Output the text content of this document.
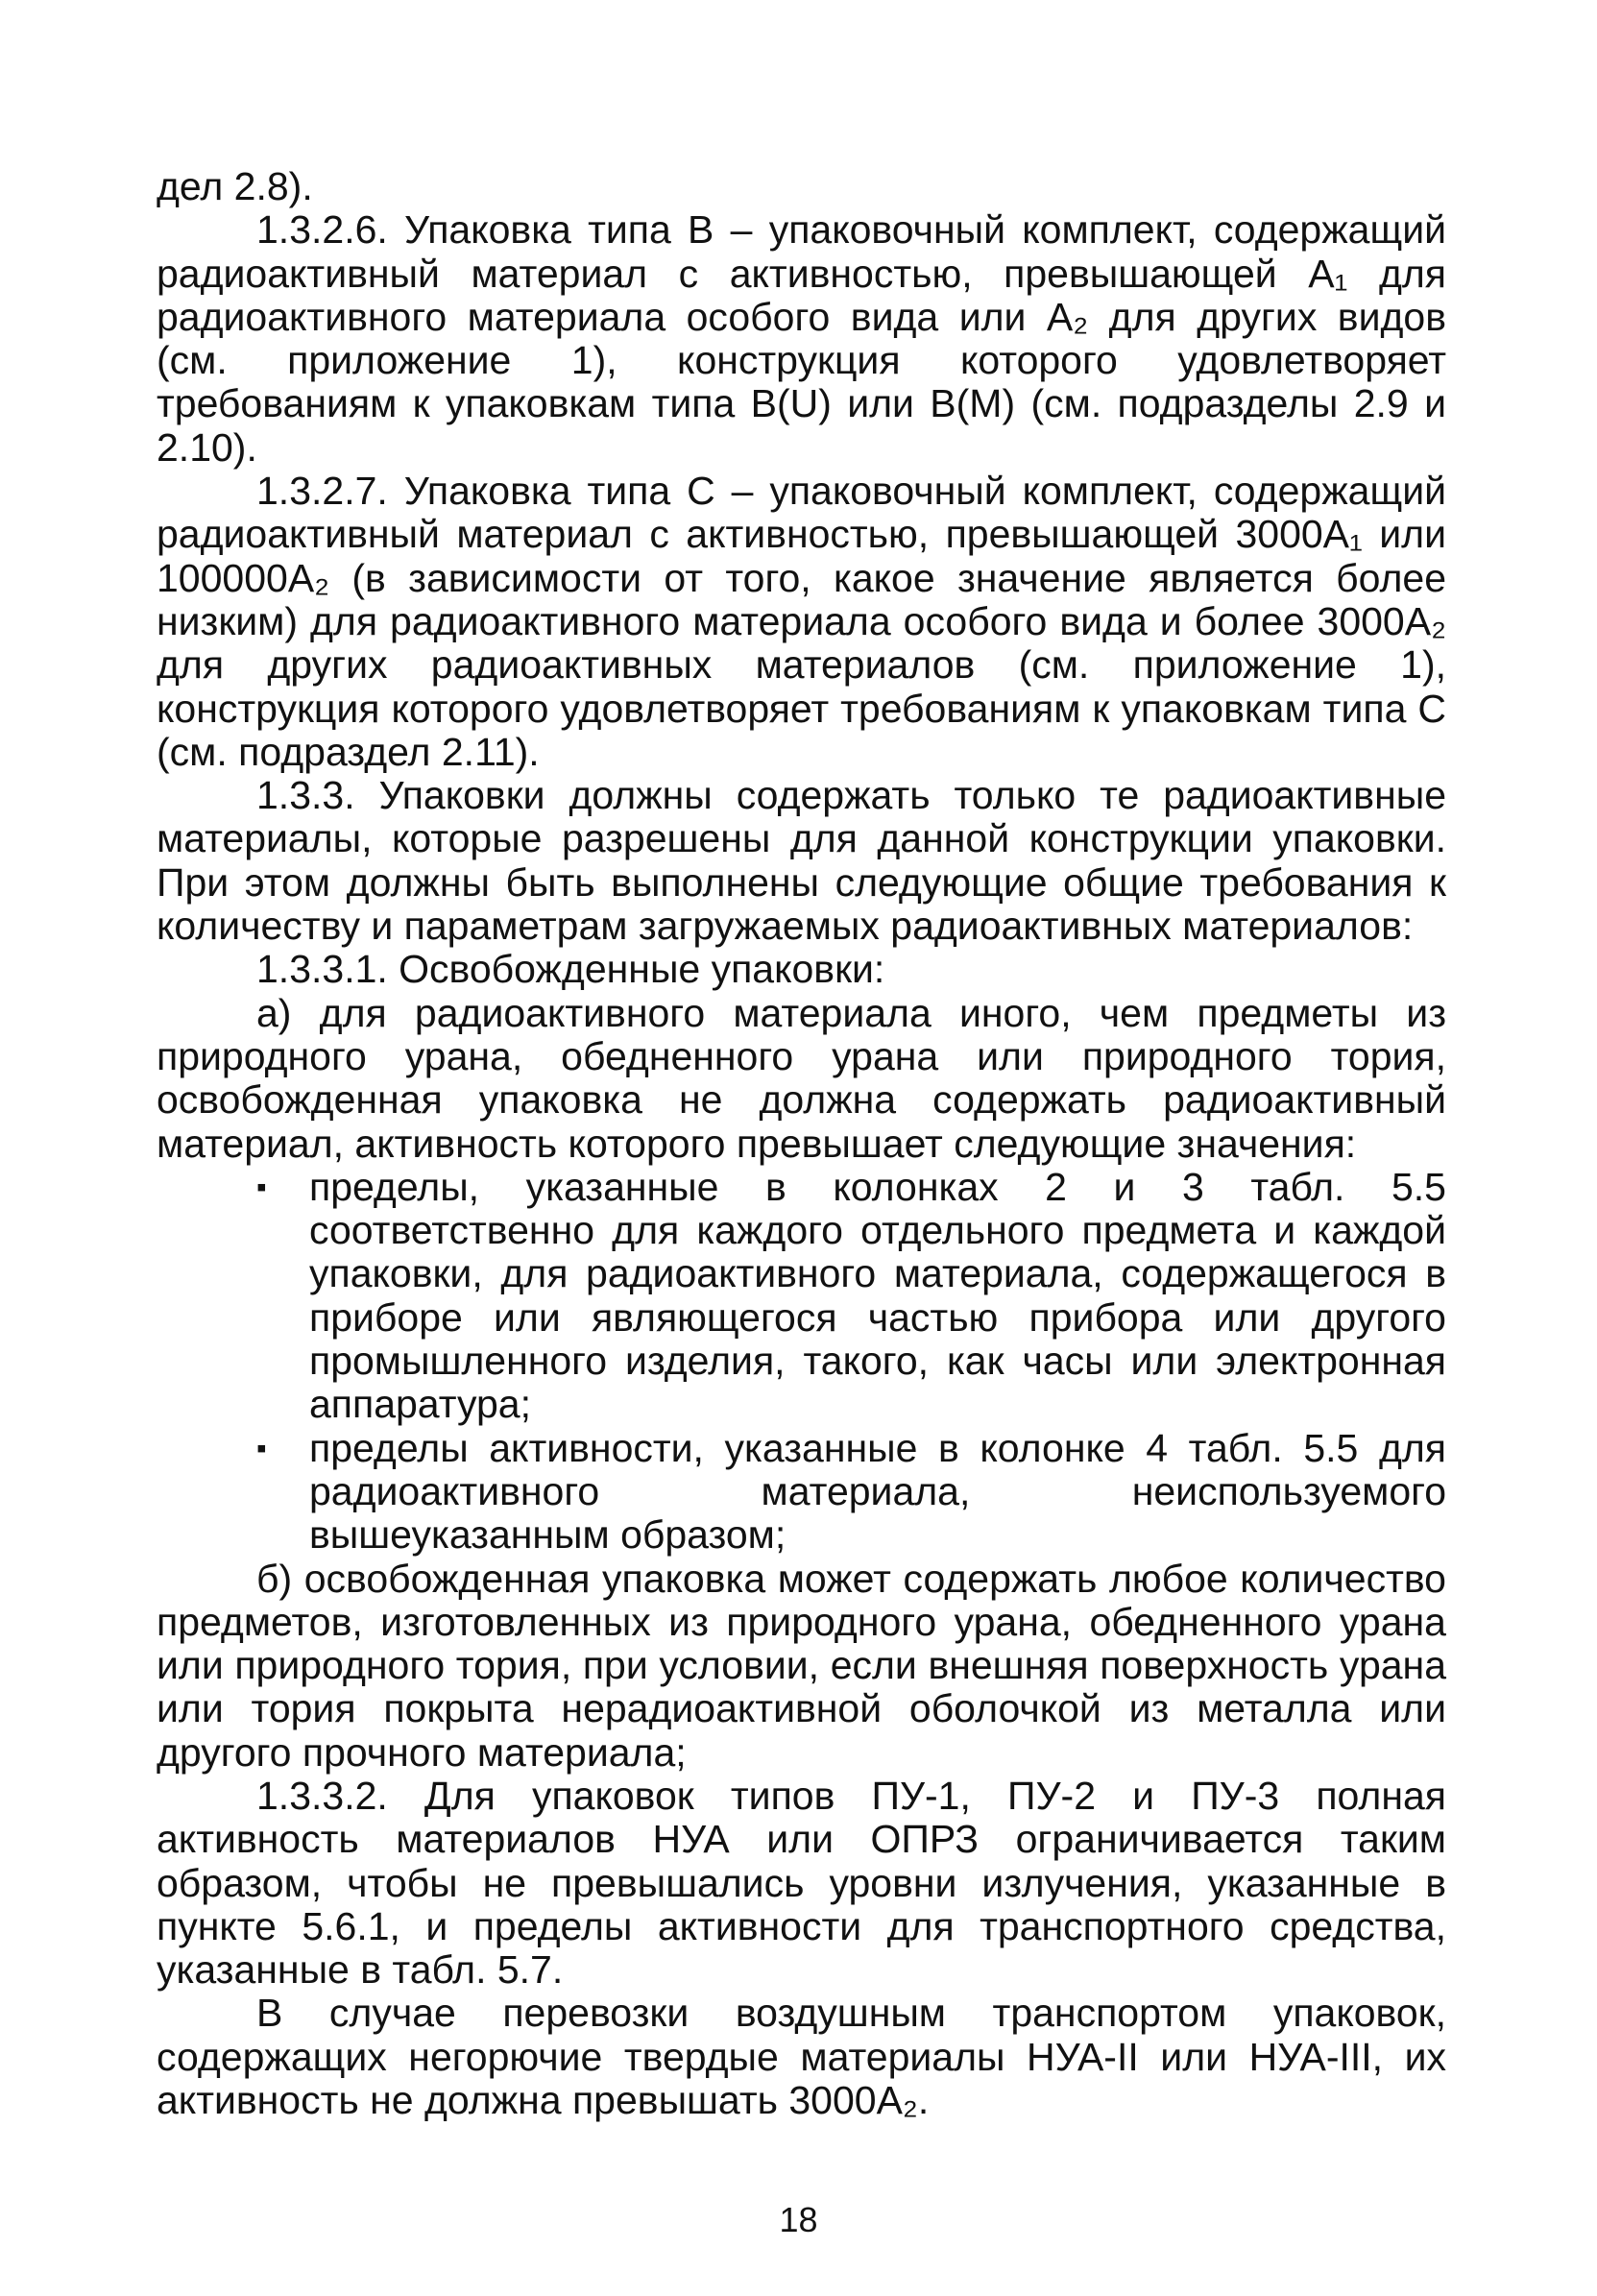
дел 2.8).

1.3.2.6. Упаковка типа В – упаковочный комплект, содержащий радиоактивный материал с активностью, превышающей A₁ для радиоактивного материала особого вида или A₂ для других видов (см. приложение 1), конструкция которого удовлетворяет требованиям к упаковкам типа В(U) или В(М) (см. подразделы 2.9 и 2.10).

1.3.2.7. Упаковка типа С – упаковочный комплект, содержащий радиоактивный материал с активностью, превышающей 3000A₁ или 100000A₂ (в зависимости от того, какое значение является более низким) для радиоактивного материала особого вида и более 3000A₂ для других радиоактивных материалов (см. приложение 1), конструкция которого удовлетворяет требованиям к упаковкам типа С (см. подраздел 2.11).

1.3.3. Упаковки должны содержать только те радиоактивные материалы, которые разрешены для данной конструкции упаковки. При этом должны быть выполнены следующие общие требования к количеству и параметрам загружаемых радиоактивных материалов:

1.3.3.1. Освобожденные упаковки:

а) для радиоактивного материала иного, чем предметы из природного урана, обедненного урана или природного тория, освобожденная упаковка не должна содержать радиоактивный материал, активность которого превышает следующие значения:

▪ пределы, указанные в колонках 2 и 3 табл. 5.5 соответственно для каждого отдельного предмета и каждой упаковки, для радиоактивного материала, содержащегося в приборе или являющегося частью прибора или другого промышленного изделия, такого, как часы или электронная аппаратура;
▪ пределы активности, указанные в колонке 4 табл. 5.5 для радиоактивного материала, неиспользуемого вышеуказанным образом;

б) освобожденная упаковка может содержать любое количество предметов, изготовленных из природного урана, обедненного урана или природного тория, при условии, если внешняя поверхность урана или тория покрыта нерадиоактивной оболочкой из металла или другого прочного материала;

1.3.3.2. Для упаковок типов ПУ-1, ПУ-2 и ПУ-3 полная активность материалов НУА или ОПРЗ ограничивается таким образом, чтобы не превышались уровни излучения, указанные в пункте 5.6.1, и пределы активности для транспортного средства, указанные в табл. 5.7.

В случае перевозки воздушным транспортом упаковок, содержащих негорючие твердые материалы НУА-II или НУА-III, их активность не должна превышать 3000A₂.

18
